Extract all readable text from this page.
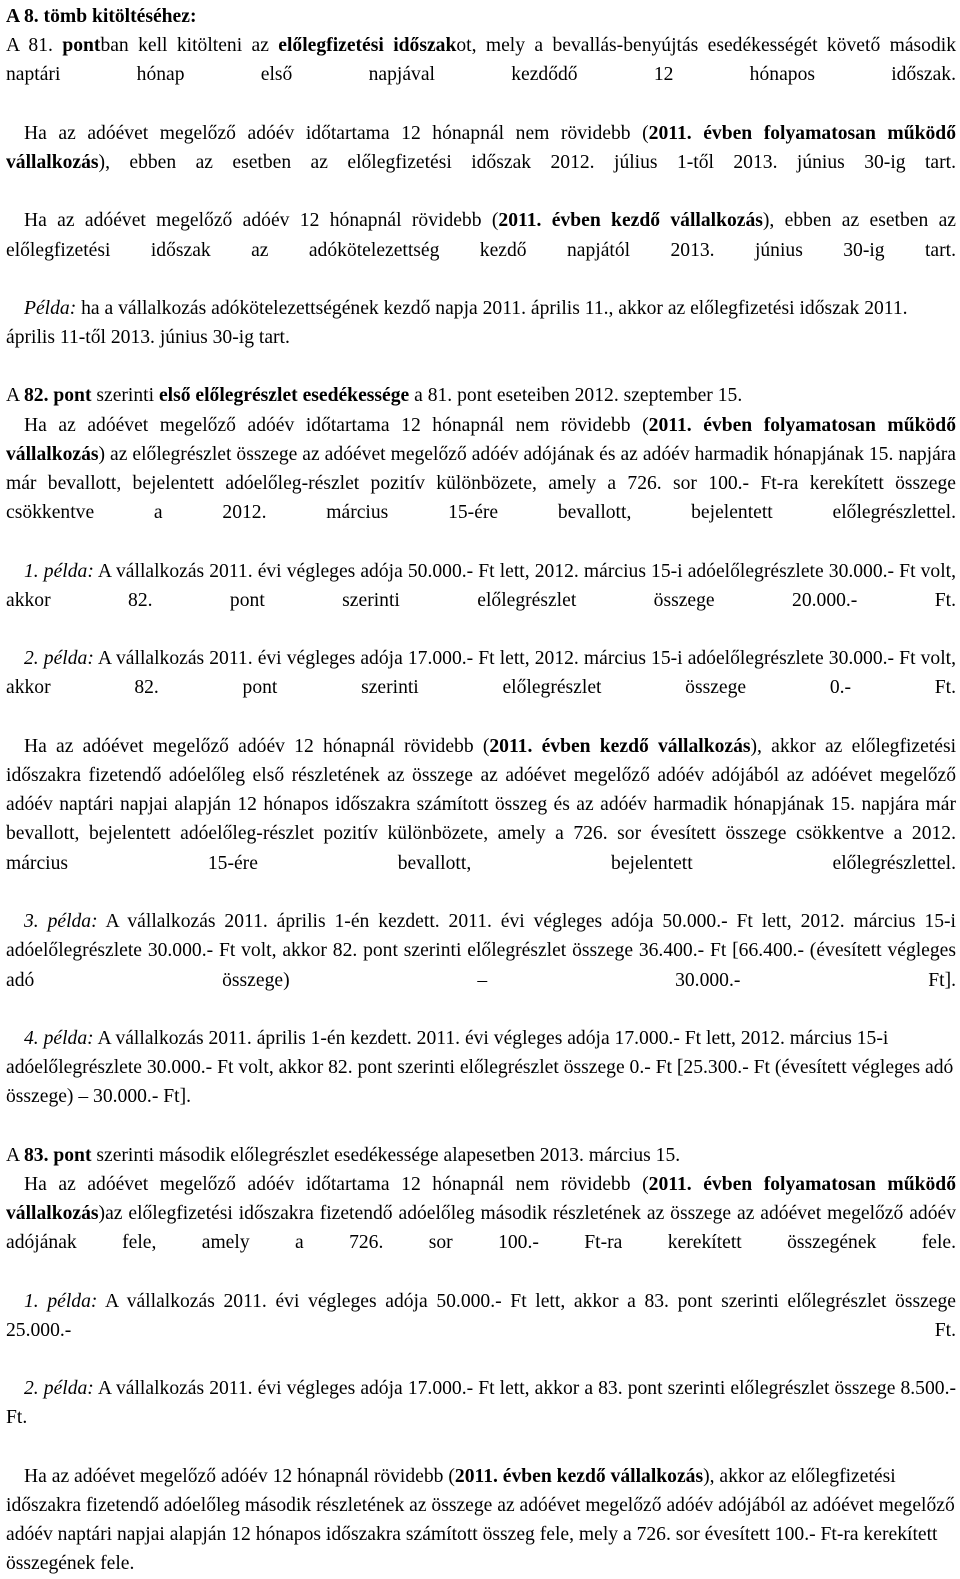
A 8. tömb kitöltéséhez:
A 81. pontban kell kitölteni az előlegfizetési időszakot, mely a bevallás-benyújtás esedékességét követő második naptári hónap első napjával kezdődő 12 hónapos időszak.
Ha az adóévet megelőző adóév időtartama 12 hónapnál nem rövidebb (2011. évben folyamatosan működő vállalkozás), ebben az esetben az előlegfizetési időszak 2012. július 1-től 2013. június 30-ig tart.
Ha az adóévet megelőző adóév 12 hónapnál rövidebb (2011. évben kezdő vállalkozás), ebben az esetben az előlegfizetési időszak az adókötelezettség kezdő napjától 2013. június 30-ig tart.
Példa: ha a vállalkozás adókötelezettségének kezdő napja 2011. április 11., akkor az előlegfizetési időszak 2011. április 11-től 2013. június 30-ig tart.
A 82. pont szerinti első előlegrészlet esedékessége a 81. pont eseteiben 2012. szeptember 15.
Ha az adóévet megelőző adóév időtartama 12 hónapnál nem rövidebb (2011. évben folyamatosan működő vállalkozás) az előlegrészlet összege az adóévet megelőző adóév adójának és az adóév harmadik hónapjának 15. napjára már bevallott, bejelentett adóelőleg-részlet pozitív különbözete, amely a 726. sor 100.- Ft-ra kerekített összege csökkentve a 2012. március 15-ére bevallott, bejelentett előlegrészlettel.
1. példa: A vállalkozás 2011. évi végleges adója 50.000.- Ft lett, 2012. március 15-i adóelőlegrészlete 30.000.- Ft volt, akkor 82. pont szerinti előlegrészlet összege 20.000.- Ft.
2. példa: A vállalkozás 2011. évi végleges adója 17.000.- Ft lett, 2012. március 15-i adóelőlegrészlete 30.000.- Ft volt, akkor 82. pont szerinti előlegrészlet összege 0.- Ft.
Ha az adóévet megelőző adóév 12 hónapnál rövidebb (2011. évben kezdő vállalkozás), akkor az előlegfizetési időszakra fizetendő adóelőleg első részletének az összege az adóévet megelőző adóév adójából az adóévet megelőző adóév naptári napjai alapján 12 hónapos időszakra számított összeg és az adóév harmadik hónapjának 15. napjára már bevallott, bejelentett adóelőleg-részlet pozitív különbözete, amely a 726. sor évesített összege csökkentve a 2012. március 15-ére bevallott, bejelentett előlegrészlettel.
3. példa: A vállalkozás 2011. április 1-én kezdett. 2011. évi végleges adója 50.000.- Ft lett, 2012. március 15-i adóelőlegrészlete 30.000.- Ft volt, akkor 82. pont szerinti előlegrészlet összege 36.400.- Ft [66.400.- (évesített végleges adó összege) – 30.000.- Ft].
4. példa: A vállalkozás 2011. április 1-én kezdett. 2011. évi végleges adója 17.000.- Ft lett, 2012. március 15-i adóelőlegrészlete 30.000.- Ft volt, akkor 82. pont szerinti előlegrészlet összege 0.- Ft [25.300.- Ft (évesített végleges adó összege) – 30.000.- Ft].
A 83. pont szerinti második előlegrészlet esedékessége alapesetben 2013. március 15.
Ha az adóévet megelőző adóév időtartama 12 hónapnál nem rövidebb (2011. évben folyamatosan működő vállalkozás)az előlegfizetési időszakra fizetendő adóelőleg második részletének az összege az adóévet megelőző adóév adójának fele, amely a 726. sor 100.- Ft-ra kerekített összegének fele.
1. példa: A vállalkozás 2011. évi végleges adója 50.000.- Ft lett, akkor a 83. pont szerinti előlegrészlet összege 25.000.- Ft.
2. példa: A vállalkozás 2011. évi végleges adója 17.000.- Ft lett, akkor a 83. pont szerinti előlegrészlet összege 8.500.- Ft.
Ha az adóévet megelőző adóév 12 hónapnál rövidebb (2011. évben kezdő vállalkozás), akkor az előlegfizetési időszakra fizetendő adóelőleg második részletének az összege az adóévet megelőző adóév adójából az adóévet megelőző adóév naptári napjai alapján 12 hónapos időszakra számított összeg fele, mely a 726. sor évesített 100.- Ft-ra kerekített összegének fele.
